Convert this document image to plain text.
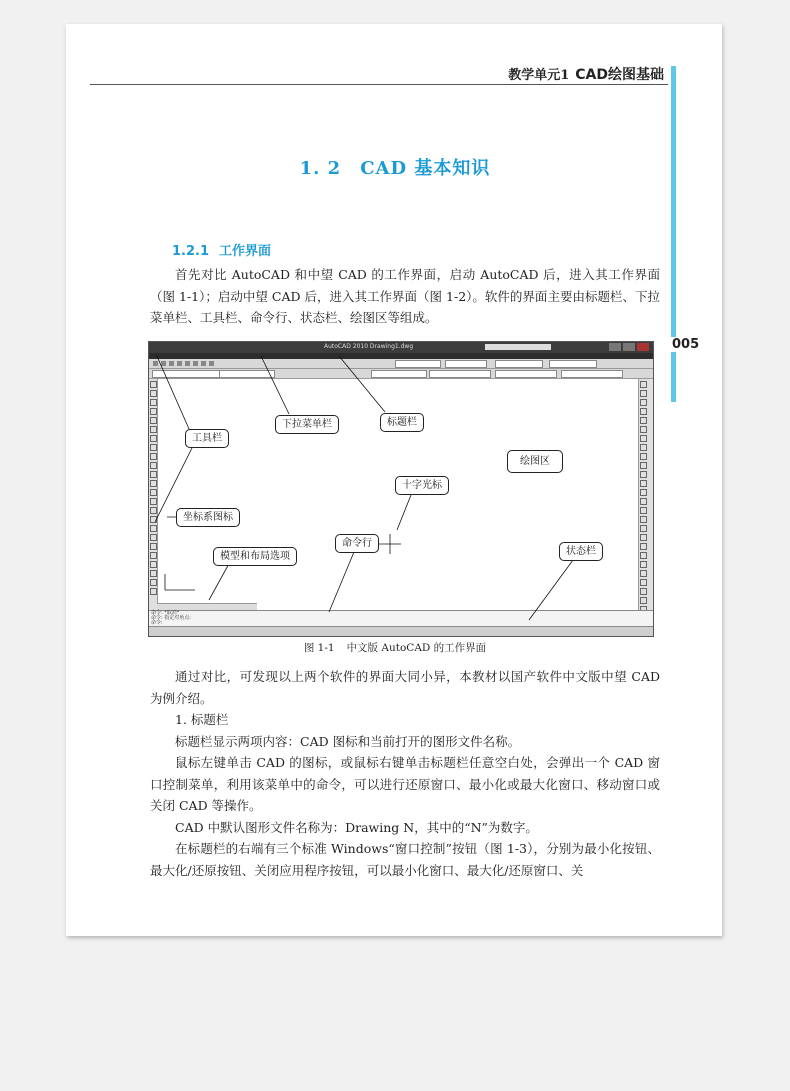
教学单元1 CAD绘图基础
005
1. 2　CAD 基本知识
1.2.1 工作界面

首先对比 AutoCAD 和中望 CAD 的工作界面，启动 AutoCAD 后，进入其工作界面（图 1-1）；启动中望 CAD 后，进入其工作界面（图 1-2）。软件的界面主要由标题栏、下拉菜单栏、工具栏、命令行、状态栏、绘图区等组成。

AutoCAD 2010 Drawing1.dwg
命令: *取消*
命令: 指定对角点:
命令:
工具栏
下拉菜单栏	标题栏
绘图区
十字光标
坐标系图标
模型和布局选项
命令行
状态栏
图 1-1 中文版 AutoCAD 的工作界面

通过对比，可发现以上两个软件的界面大同小异，本教材以国产软件中文版中望 CAD 为例介绍。

1. 标题栏

标题栏显示两项内容：CAD 图标和当前打开的图形文件名称。

鼠标左键单击 CAD 的图标，或鼠标右键单击标题栏任意空白处，会弹出一个 CAD 窗口控制菜单，利用该菜单中的命令，可以进行还原窗口、最小化或最大化窗口、移动窗口或关闭 CAD 等操作。

CAD 中默认图形文件名称为：Drawing N，其中的“N”为数字。

在标题栏的右端有三个标准 Windows“窗口控制”按钮（图 1-3），分别为最小化按钮、最大化/还原按钮、关闭应用程序按钮，可以最小化窗口、最大化/还原窗口、关
